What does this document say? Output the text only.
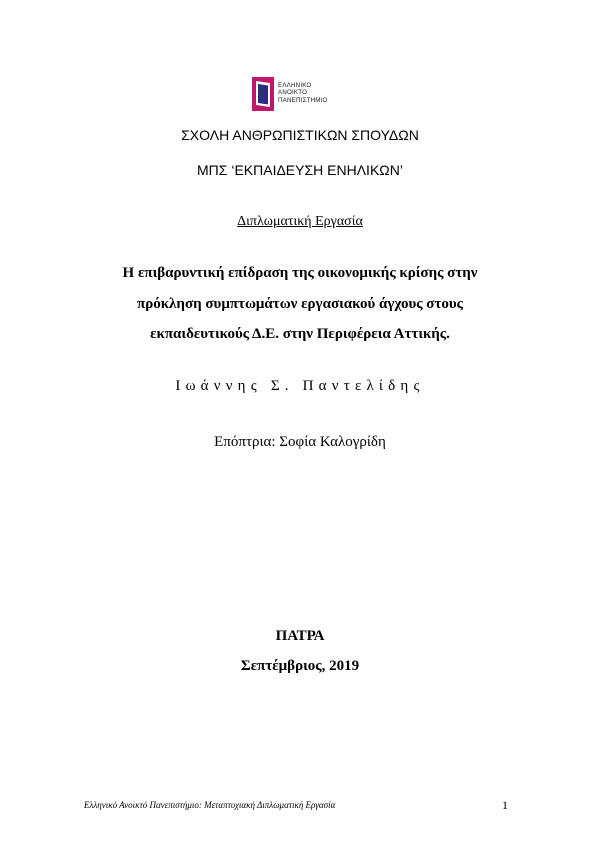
ΕΛΛΗΝΙΚΟ
ΑΝΟΙΚΤΟ
ΠΑΝΕΠΙΣΤΗΜΙΟ
ΣΧΟΛΗ ΑΝΘΡΩΠΙΣΤΙΚΩΝ ΣΠΟΥΔΩΝ
ΜΠΣ ‘ΕΚΠΑΙΔΕΥΣΗ ΕΝΗΛΙΚΩΝ’
Διπλωματική Εργασία
Η επιβαρυντική επίδραση της οικονομικής κρίσης στην
πρόκληση συμπτωμάτων εργασιακού άγχους στους
εκπαιδευτικούς Δ.Ε. στην Περιφέρεια Αττικής.
Ιωάννης Σ. Παντελίδης
Επόπτρια: Σοφία Καλογρίδη
ΠΑΤΡΑ
Σεπτέμβριος, 2019
Ελληνικό Ανοικτό Πανεπιστήμιο: Μεταπτυχιακή Διπλωματική Εργασία	1
